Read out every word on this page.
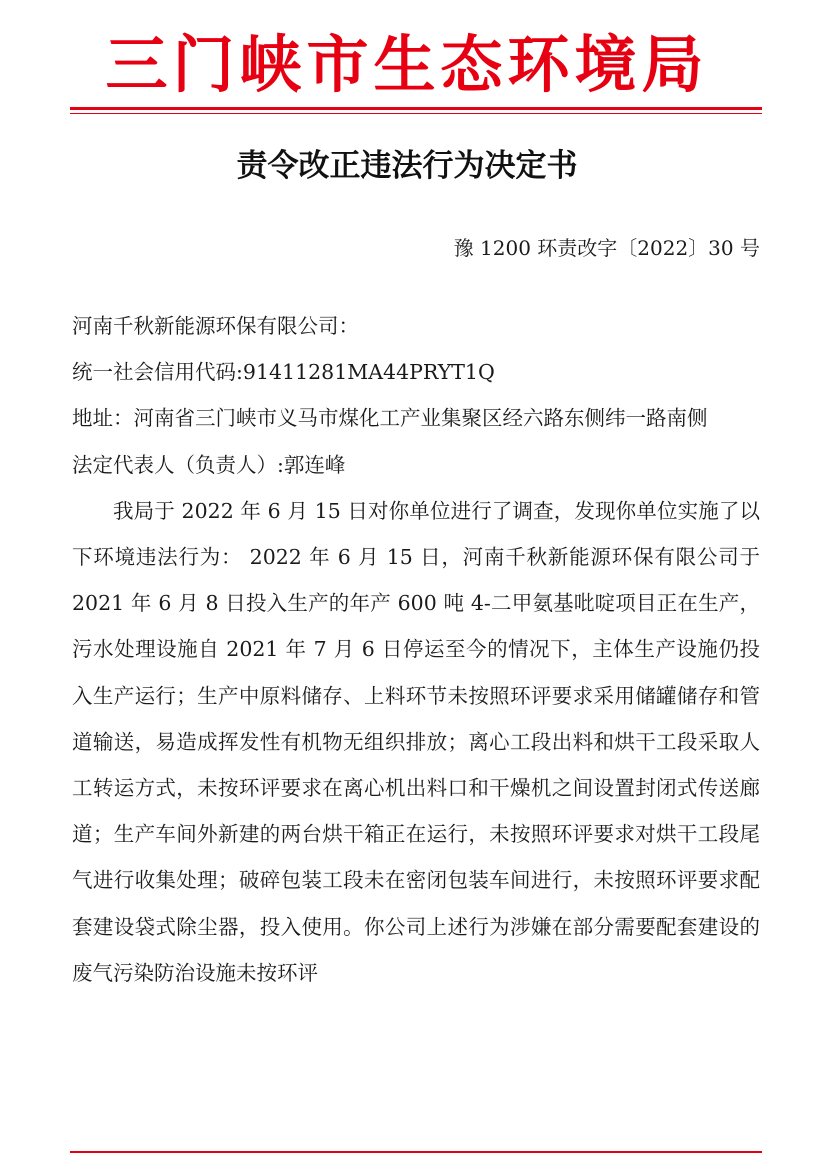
三门峡市生态环境局
责令改正违法行为决定书
豫 1200 环责改字〔2022〕30 号

河南千秋新能源环保有限公司：

统一社会信用代码:91411281MA44PRYT1Q

地址：河南省三门峡市义马市煤化工产业集聚区经六路东侧纬一路南侧

法定代表人（负责人）:郭连峰

我局于 2022 年 6 月 15 日对你单位进行了调查，发现你单位实施了以下环境违法行为： 2022 年 6 月 15 日，河南千秋新能源环保有限公司于 2021 年 6 月 8 日投入生产的年产 600 吨 4-二甲氨基吡啶项目正在生产，污水处理设施自 2021 年 7 月 6 日停运至今的情况下，主体生产设施仍投入生产运行；生产中原料储存、上料环节未按照环评要求采用储罐储存和管道输送，易造成挥发性有机物无组织排放；离心工段出料和烘干工段采取人工转运方式，未按环评要求在离心机出料口和干燥机之间设置封闭式传送廊道；生产车间外新建的两台烘干箱正在运行，未按照环评要求对烘干工段尾气进行收集处理；破碎包装工段未在密闭包装车间进行，未按照环评要求配套建设袋式除尘器，投入使用。你公司上述行为涉嫌在部分需要配套建设的废气污染防治设施未按环评
